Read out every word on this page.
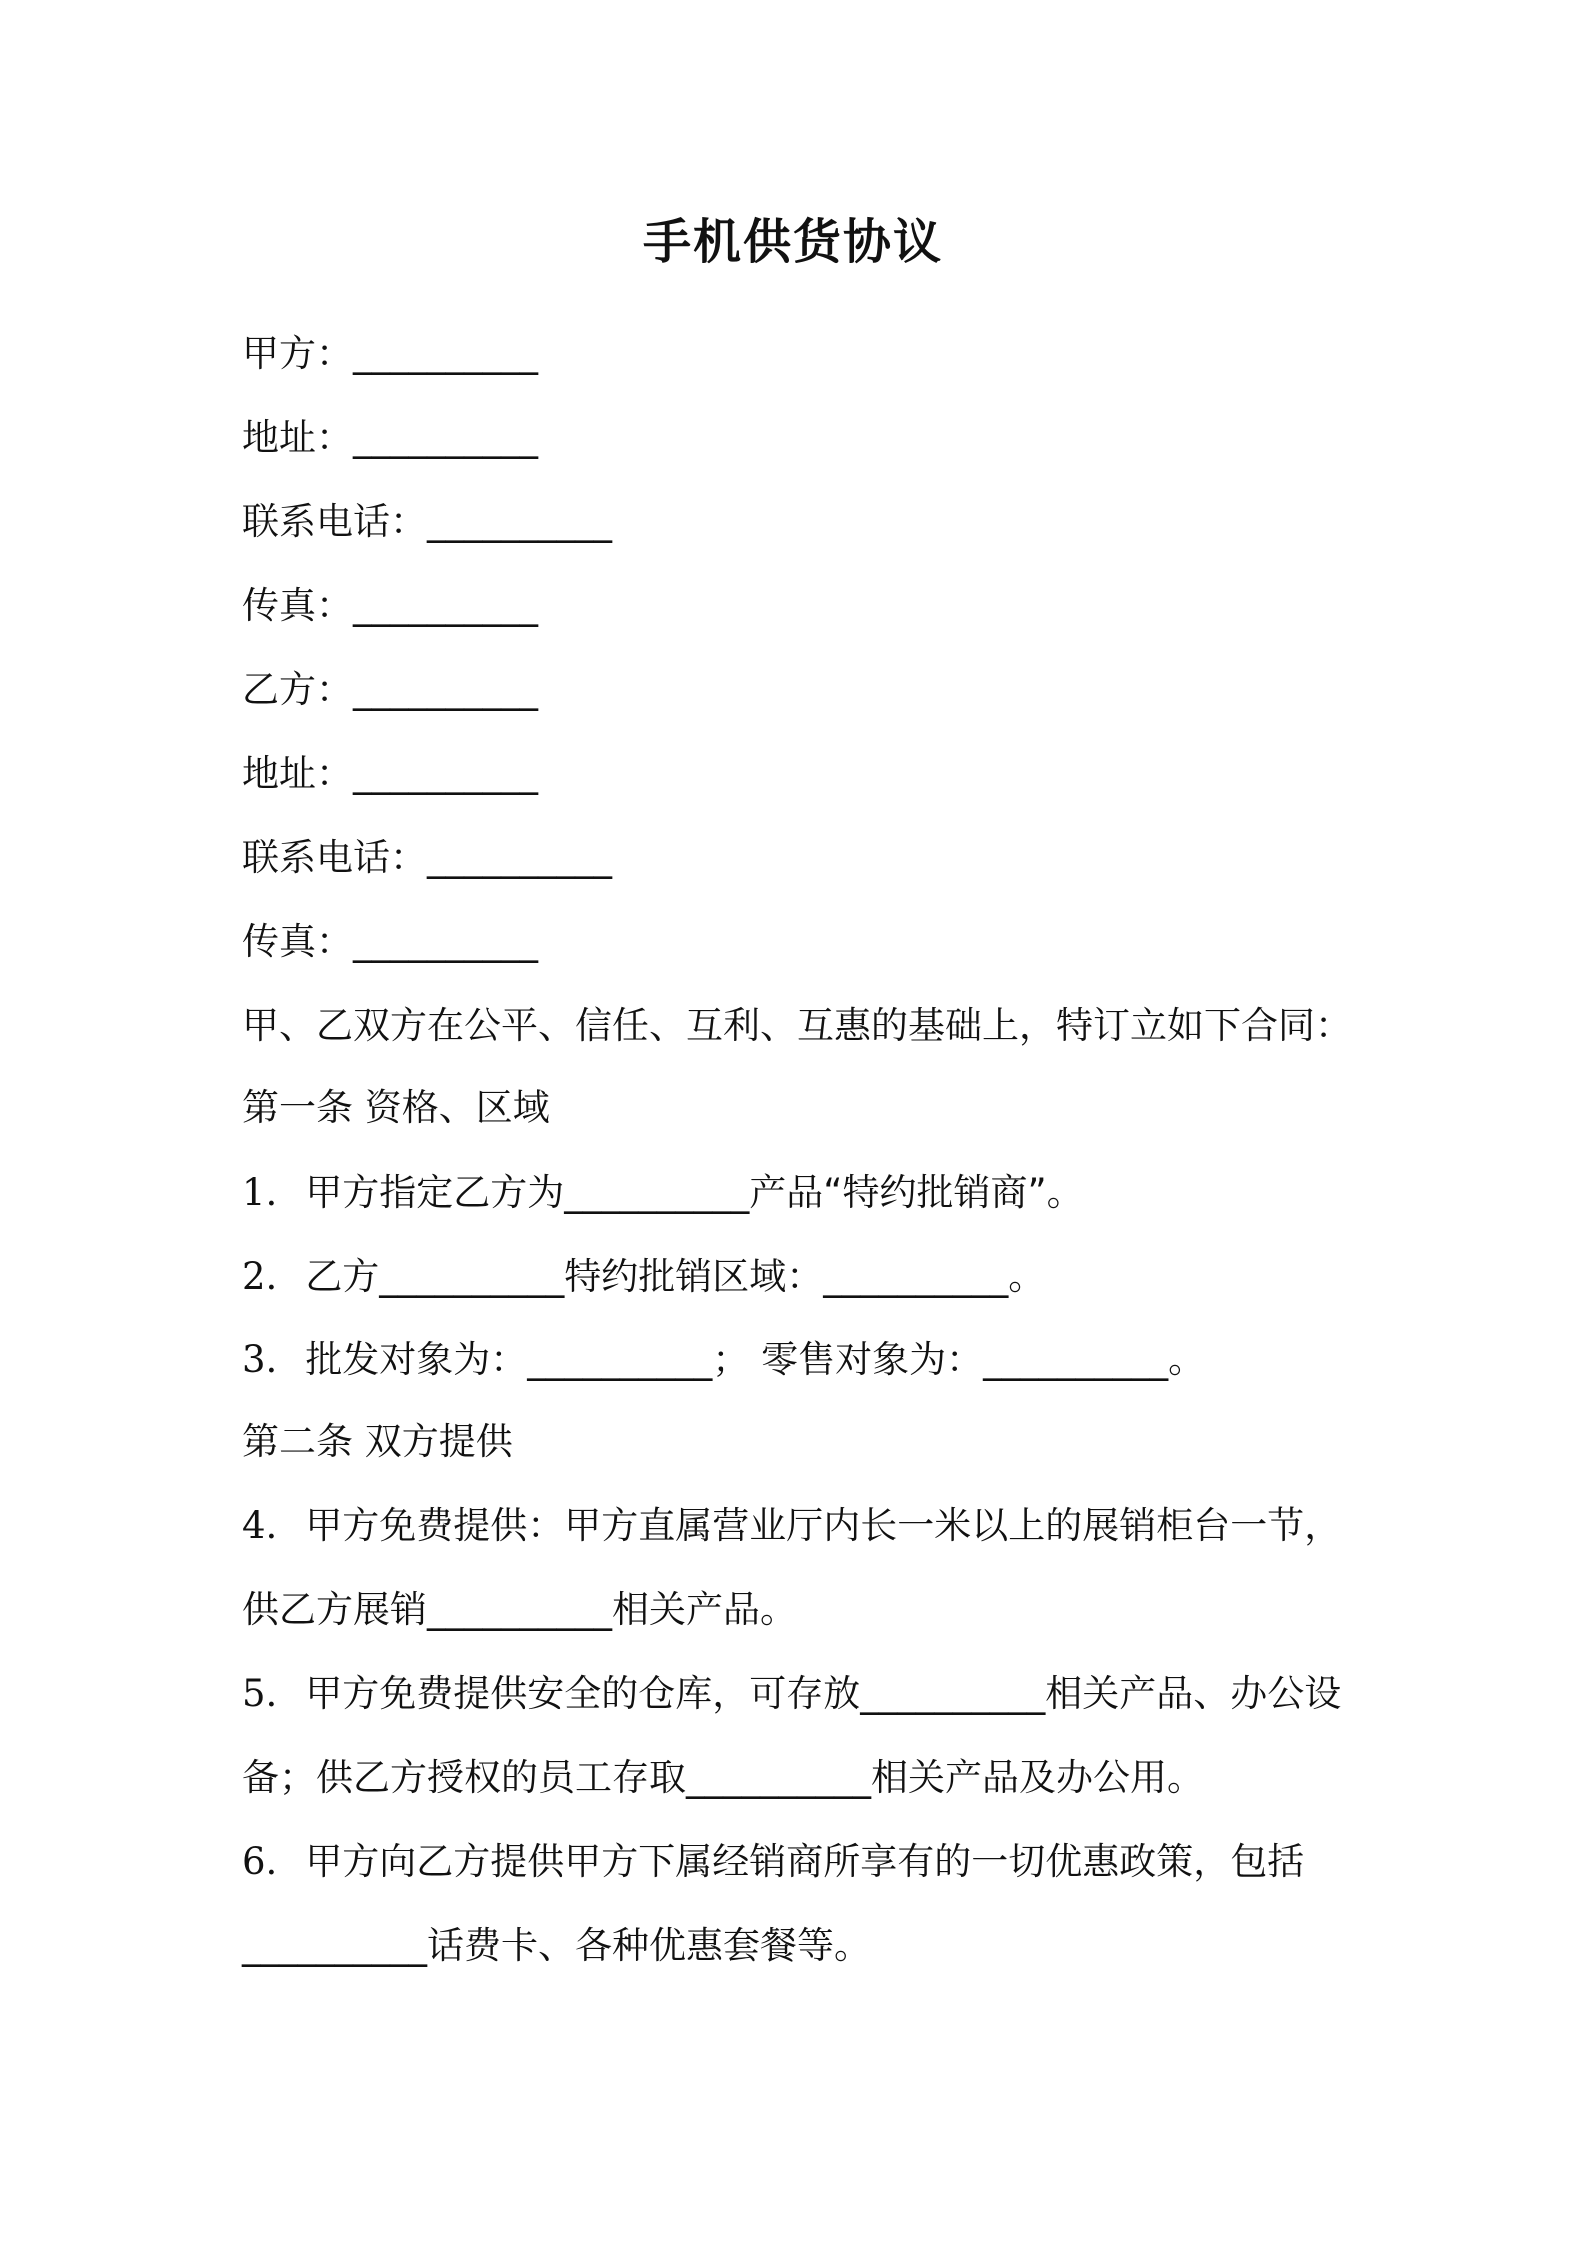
手机供货协议
甲方：__________
地址：__________
联系电话：__________
传真：__________
乙方：__________
地址：__________
联系电话：__________
传真：__________
甲、乙双方在公平、信任、互利、互惠的基础上，特订立如下合同：
第一条 资格、区域
1. 甲方指定乙方为__________产品“特约批销商”。
2. 乙方__________特约批销区域：__________。
3. 批发对象为：__________； 零售对象为：__________。
第二条 双方提供
4. 甲方免费提供：甲方直属营业厅内长一米以上的展销柜台一节，
供乙方展销__________相关产品。
5. 甲方免费提供安全的仓库，可存放__________相关产品、办公设
备；供乙方授权的员工存取__________相关产品及办公用。
6. 甲方向乙方提供甲方下属经销商所享有的一切优惠政策，包括
__________话费卡、各种优惠套餐等。
